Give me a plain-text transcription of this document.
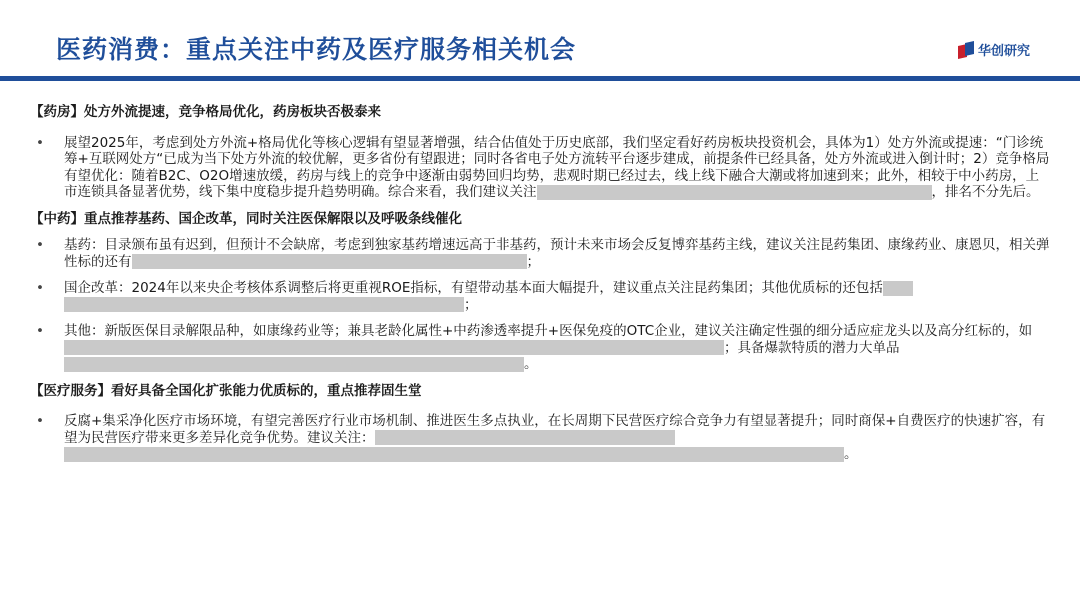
医药消费：重点关注中药及医疗服务相关机会	华创研究

【药房】处方外流提速，竞争格局优化，药房板块否极泰来

• 展望2025年，考虑到处方外流+格局优化等核心逻辑有望显著增强，结合估值处于历史底部，我们坚定看好药房板块投资机会，具体为1）处方外流或提速：“门诊统筹+互联网处方“已成为当下处方外流的较优解，更多省份有望跟进；同时各省电子处方流转平台逐步建成，前提条件已经具备，处方外流或进入倒计时；2）竞争格局有望优化：随着B2C、O2O增速放缓，药房与线上的竞争中逐渐由弱势回归均势，悲观时期已经过去，线上线下融合大潮或将加速到来；此外，相较于中小药房，上市连锁具备显著优势，线下集中度稳步提升趋势明确。综合来看，我们建议关注	，排名不分先后。

【中药】重点推荐基药、国企改革，同时关注医保解限以及呼吸条线催化

• 基药：目录颁布虽有迟到，但预计不会缺席，考虑到独家基药增速远高于非基药，预计未来市场会反复博弈基药主线，建议关注昆药集团、康缘药业、康恩贝，相关弹性标的还有	；
• 国企改革：2024年以来央企考核体系调整后将更重视ROE指标，有望带动基本面大幅提升，建议重点关注昆药集团；其他优质标的还包括；
• 其他：新版医保目录解限品种，如康缘药业等；兼具老龄化属性+中药渗透率提升+医保免疫的OTC企业，建议关注确定性强的细分适应症龙头以及高分红标的，如；具备爆款特质的潜力大单品。

【医疗服务】看好具备全国化扩张能力优质标的，重点推荐固生堂

• 反腐+集采净化医疗市场环境，有望完善医疗行业市场机制、推进医生多点执业，在长周期下民营医疗综合竞争力有望显著提升；同时商保+自费医疗的快速扩容，有望为民营医疗带来更多差异化竞争优势。建议关注：。
